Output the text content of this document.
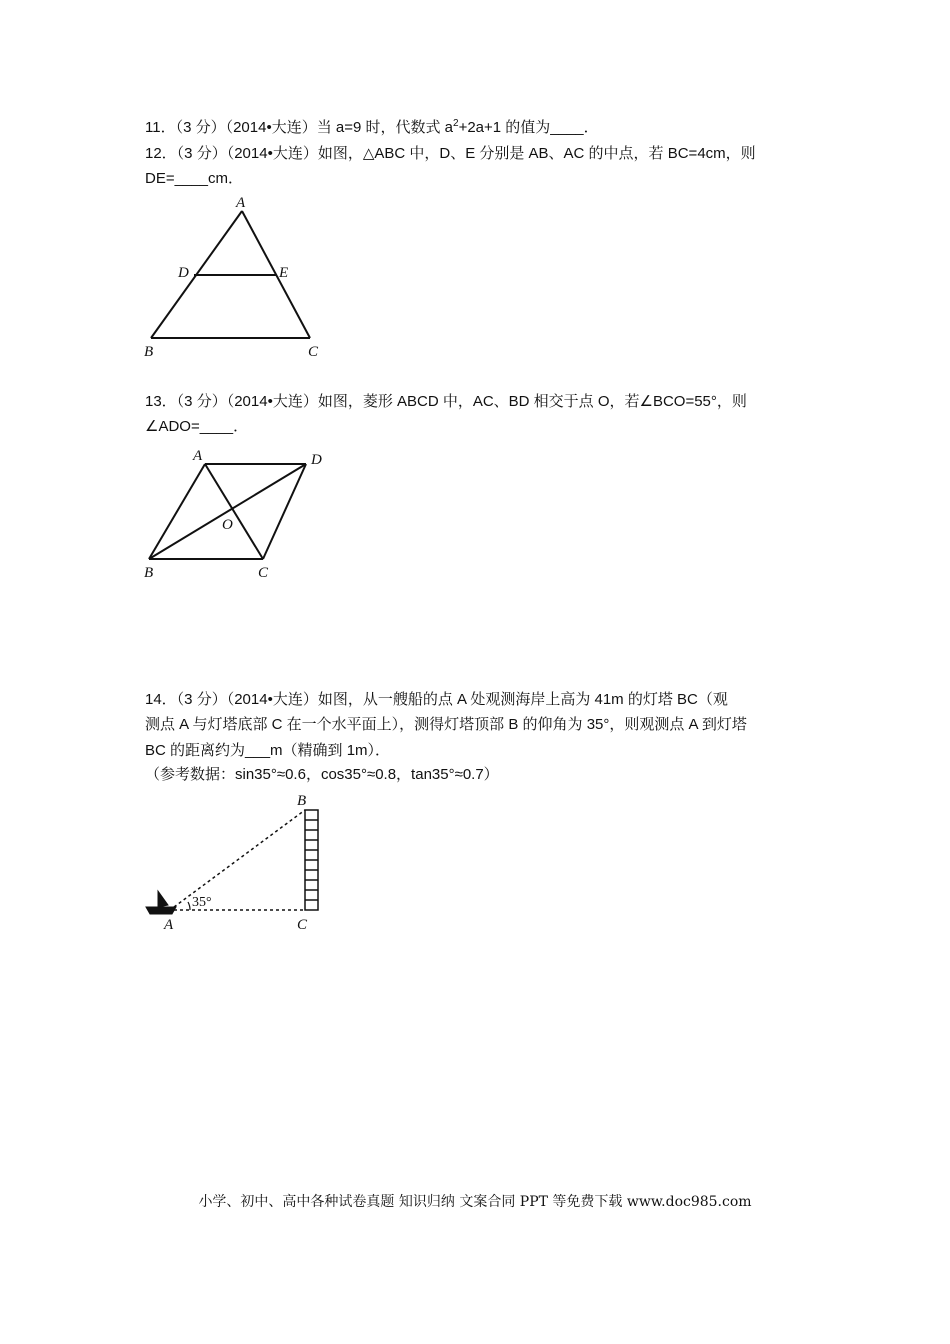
11．（3 分）（2014•大连）当 a=9 时，代数式 $a^2+2a+1$ 的值为____．
12．（3 分）（2014•大连）如图，△ABC 中，D、E 分别是 AB、AC 的中点，若 BC=4cm，则
DE=____cm．
A
D	E
B	C
13．（3 分）（2014•大连）如图，菱形 ABCD 中，AC、BD 相交于点 O，若∠BCO=55°，则
∠ADO=____．
A	D
O
B	C
14．（3 分）（2014•大连）如图，从一艘船的点 A 处观测海岸上高为 41m 的灯塔 BC（观
测点 A 与灯塔底部 C 在一个水平面上），测得灯塔顶部 B 的仰角为 35°，则观测点 A 到灯塔
BC 的距离约为___m（精确到 1m）．
（参考数据：sin35°≈0.6，cos35°≈0.8，tan35°≈0.7）
35°
B
A	C
小学、初中、高中各种试卷真题 知识归纳 文案合同 PPT 等免费下载 www.doc985.com
